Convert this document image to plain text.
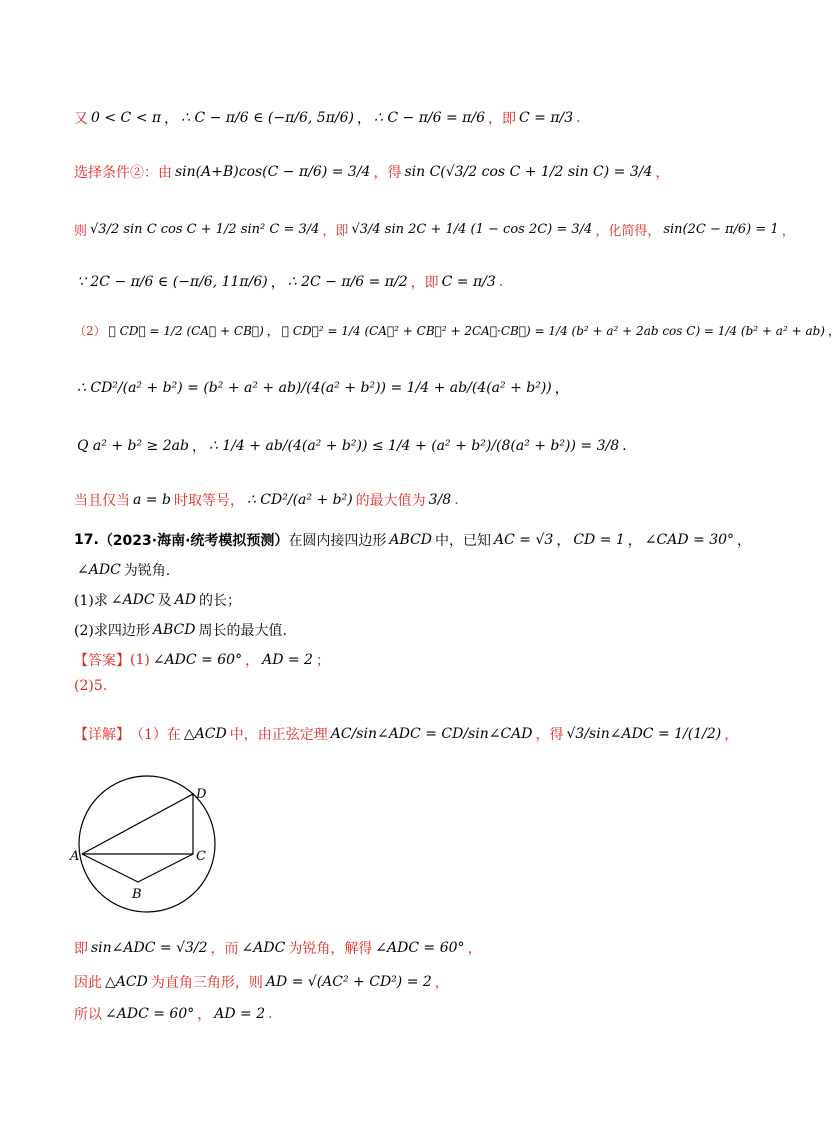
又 0 < C < π ， ∴ C − π/6 ∈ (−π/6, 5π/6) ， ∴ C − π/6 = π/6 ，即 C = π/3 .
选择条件②：由 sin(A+B)cos(C − π/6) = 3/4 ，得 sin C(√3/2 cos C + 1/2 sin C) = 3/4 ，
则 √3/2 sin C cos C + 1/2 sin² C = 3/4 ，即 √3/4 sin 2C + 1/4 (1 − cos 2C) = 3/4 ，化简得， sin(2C − π/6) = 1 ，
∵ 2C − π/6 ∈ (−π/6, 11π/6) ， ∴ 2C − π/6 = π/2 ，即 C = π/3 .
（2） ∵ CD⃗ = 1/2 (CA⃗ + CB⃗) ， ∴ CD⃗² = 1/4 (CA⃗² + CB⃗² + 2CA⃗·CB⃗) = 1/4 (b² + a² + 2ab cos C) = 1/4 (b² + a² + ab) ，
∴ CD²/(a² + b²) = (b² + a² + ab)/(4(a² + b²)) = 1/4 + ab/(4(a² + b²)) ，
Q a² + b² ≥ 2ab ， ∴ 1/4 + ab/(4(a² + b²)) ≤ 1/4 + (a² + b²)/(8(a² + b²)) = 3/8 .
当且仅当 a = b 时取等号， ∴ CD²/(a² + b²) 的最大值为 3/8 .
17. （2023·海南·统考模拟预测） 在圆内接四边形 ABCD 中，已知 AC = √3 ， CD = 1 ， ∠CAD = 30° ，
∠ADC 为锐角.
(1)求 ∠ADC 及 AD 的长；
(2)求四边形 ABCD 周长的最大值.
【答案】 (1) ∠ADC = 60° ， AD = 2 ；
(2)5.
【详解】 （1）在 △ACD 中，由正弦定理 AC/sin∠ADC = CD/sin∠CAD ，得 √3/sin∠ADC = 1/(1/2) ，
A
B
C
D
即 sin∠ADC = √3/2 ，而 ∠ADC 为锐角，解得 ∠ADC = 60° ，
因此 △ACD 为直角三角形，则 AD = √(AC² + CD²) = 2 ，
所以 ∠ADC = 60° ， AD = 2 .
